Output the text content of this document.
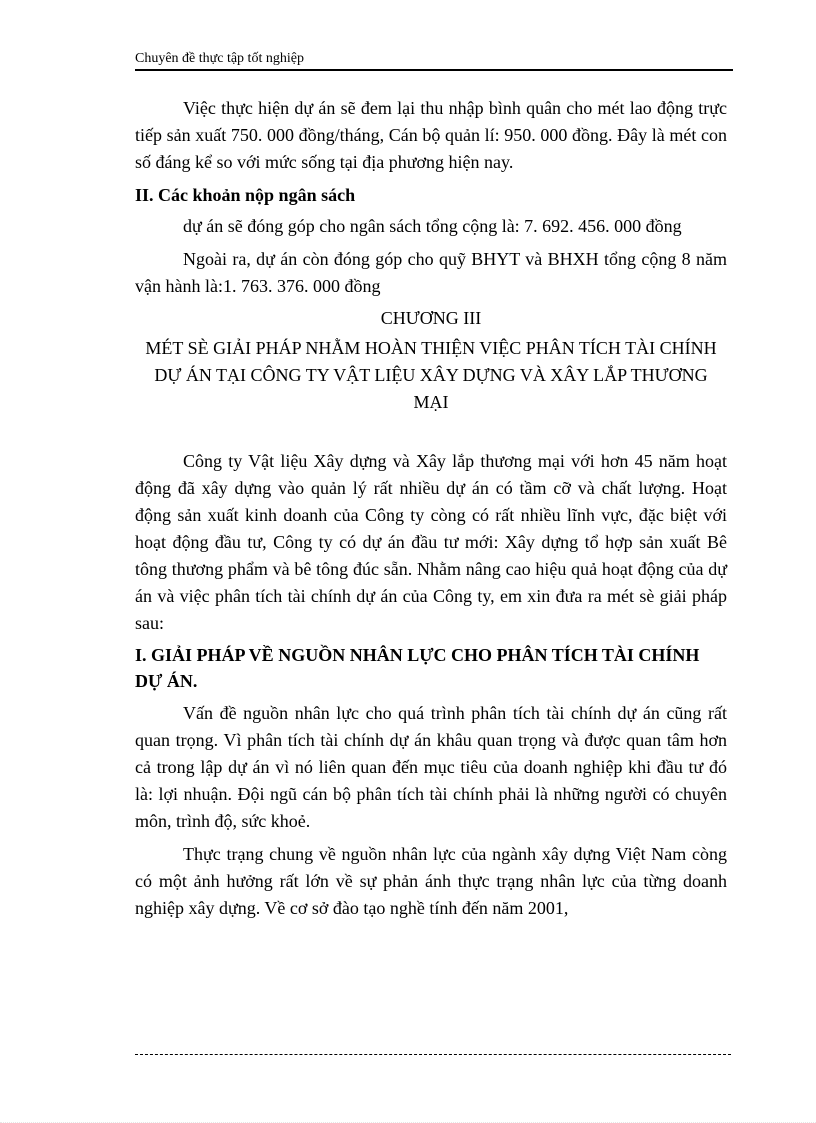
Chuyên đề thực tập tốt nghiệp

Việc thực hiện dự án sẽ đem lại thu nhập bình quân cho mét lao động trực tiếp sản xuất 750. 000 đồng/tháng, Cán bộ quản lí: 950. 000 đồng. Đây là mét con số đáng kể so với mức sống tại địa phương hiện nay.

II. Các khoản nộp ngân sách

dự án sẽ đóng góp cho ngân sách tổng cộng là: 7. 692. 456. 000 đồng

Ngoài ra, dự án còn đóng góp cho quỹ BHYT và BHXH tổng cộng 8 năm vận hành là:1. 763. 376. 000 đồng

CHƯƠNG III

MÉT SÈ GIẢI PHÁP NHẰM HOÀN THIỆN VIỆC PHÂN TÍCH TÀI CHÍNH DỰ ÁN TẠI CÔNG TY VẬT LIỆU XÂY DỰNG VÀ XÂY LẮP THƯƠNG MẠI

Công ty Vật liệu Xây dựng và Xây lắp thương mại với hơn 45 năm hoạt động đã xây dựng vào quản lý rất nhiều dự án có tầm cỡ và chất lượng. Hoạt động sản xuất kinh doanh của Công ty còng có rất nhiều lĩnh vực, đặc biệt với hoạt động đầu tư, Công ty có dự án đầu tư mới: Xây dựng tổ hợp sản xuất Bê tông thương phẩm và bê tông đúc sẵn. Nhằm nâng cao hiệu quả hoạt động của dự án và việc phân tích tài chính dự án của Công ty, em xin đưa ra mét sè giải pháp sau:

I. GIẢI PHÁP VỀ NGUỒN NHÂN LỰC CHO PHÂN TÍCH TÀI CHÍNH DỰ ÁN.

Vấn đề nguồn nhân lực cho quá trình phân tích tài chính dự án cũng rất quan trọng. Vì phân tích tài chính dự án khâu quan trọng và được quan tâm hơn cả trong lập dự án vì nó liên quan đến mục tiêu của doanh nghiệp khi đầu tư đó là: lợi nhuận. Đội ngũ cán bộ phân tích tài chính phải là những người có chuyên môn, trình độ, sức khoẻ.

Thực trạng chung về nguồn nhân lực của ngành xây dựng Việt Nam còng có một ảnh hưởng rất lớn về sự phản ánh thực trạng nhân lực của từng doanh nghiệp xây dựng. Về cơ sở đào tạo nghề tính đến năm 2001,
